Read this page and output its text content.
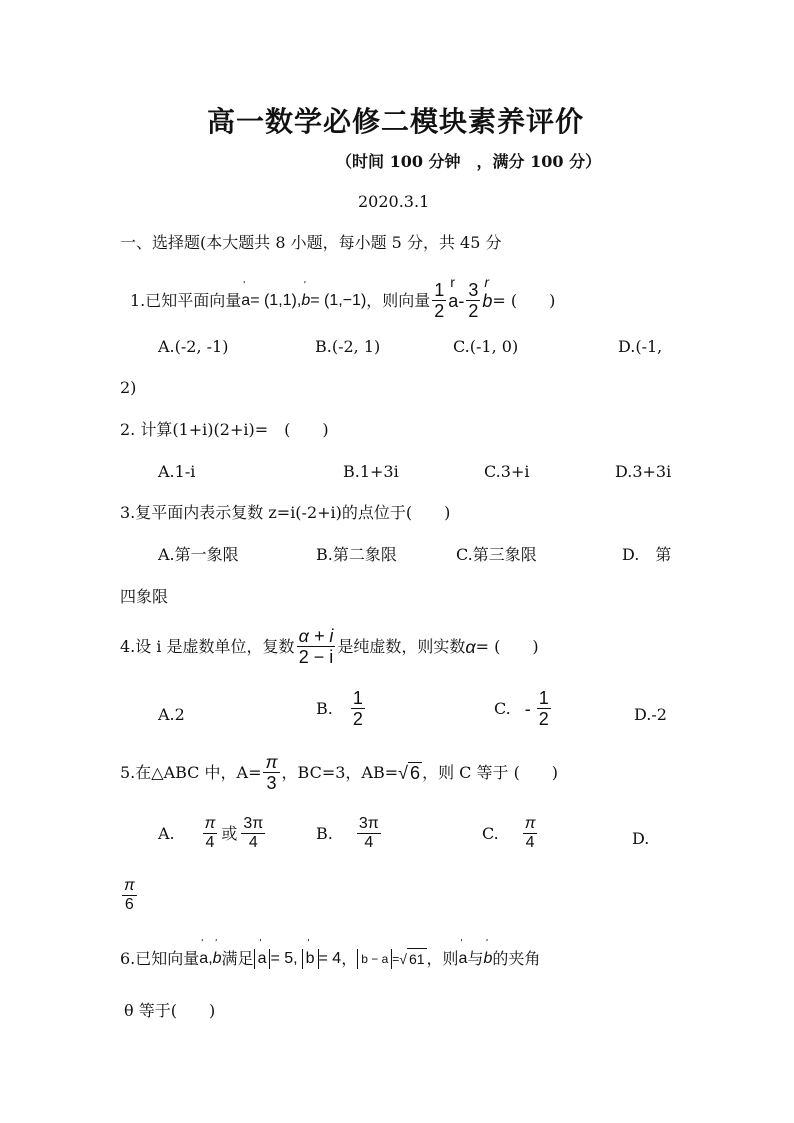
高一数学必修二模块素养评价
（时间 100 分钟　，满分 100 分）
2020.3.1
一、选择题(本大题共 8 小题，每小题 5 分，共 45 分
1. 已知平面向量
'
a = (1,1),
'
b = (1,−1) ，则向量 $\frac{1}{2}$ r
a - $\frac{3}{2}$ r
b = (　　)
A.(-2, -1)	B.(-2, 1)	C.(-1, 0)	D.(-1,
2)
2. 计算(1+i)(2+i)=　(　　)
A.1-i	B.1+3i	C.3+i	D.3+3i
3.复平面内表示复数 z=i(-2+i)的点位于(　　)
A.第一象限	B.第二象限	C.第三象限	D.　第
四象限
4.设 i 是虚数单位，复数 $\frac{\alpha + i}{2 - i}$ 是纯虚数，则实数 α = (　　)
A.2	B. $\frac{1}{2}$	C. - $\frac{1}{2}$	D.-2
5.在△ABC 中，$A= \frac{\pi}{3}$ ，BC=3，AB= √ 6 ，则 C 等于 (　　)
A. $\frac{\pi}{4}$ 或 $\frac{3\pi}{4}$	B. $\frac{3\pi}{4}$	C. $\frac{\pi}{4}$	D.
$\frac{\pi}{6}$
6.已知向量
'
a ,
'
b 满足
'
a = 5,
'
b = 4 ， b − a = √ 61 ，则
'
a 与
'
b 的夹角
θ 等于(　　)
